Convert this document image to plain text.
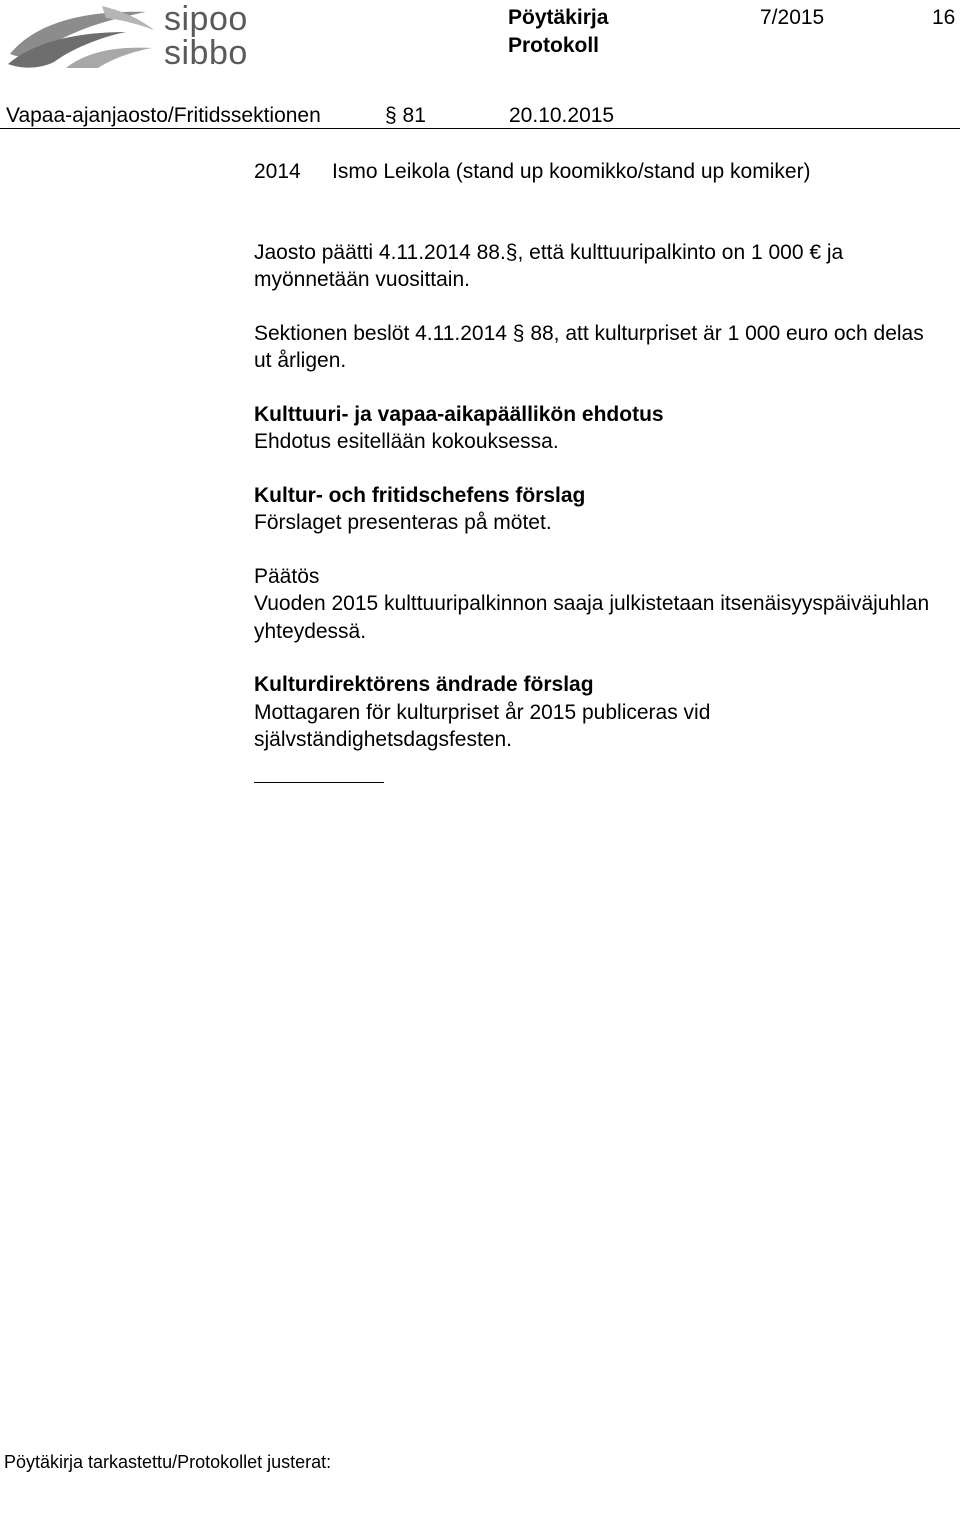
sipoo
sibbo
Pöytäkirja
Protokoll
7/2015	16
Vapaa-ajanjaosto/Fritidssektionen	§ 81	20.10.2015
2014	Ismo Leikola (stand up koomikko/stand up komiker)

Jaosto päätti 4.11.2014 88.§, että kulttuuripalkinto on 1 000 € ja myönnetään vuosittain.

Sektionen beslöt 4.11.2014 § 88, att kulturpriset är 1 000 euro och delas ut årligen.

Kulttuuri- ja vapaa-aikapäällikön ehdotus

Ehdotus esitellään kokouksessa.

Kultur- och fritidschefens förslag

Förslaget presenteras på mötet.

Päätös

Vuoden 2015 kulttuuripalkinnon saaja julkistetaan itsenäisyyspäiväjuhlan yhteydessä.

Kulturdirektörens ändrade förslag

Mottagaren för kulturpriset år 2015 publiceras vid självständighetsdagsfesten.

Pöytäkirja tarkastettu/Protokollet justerat:
